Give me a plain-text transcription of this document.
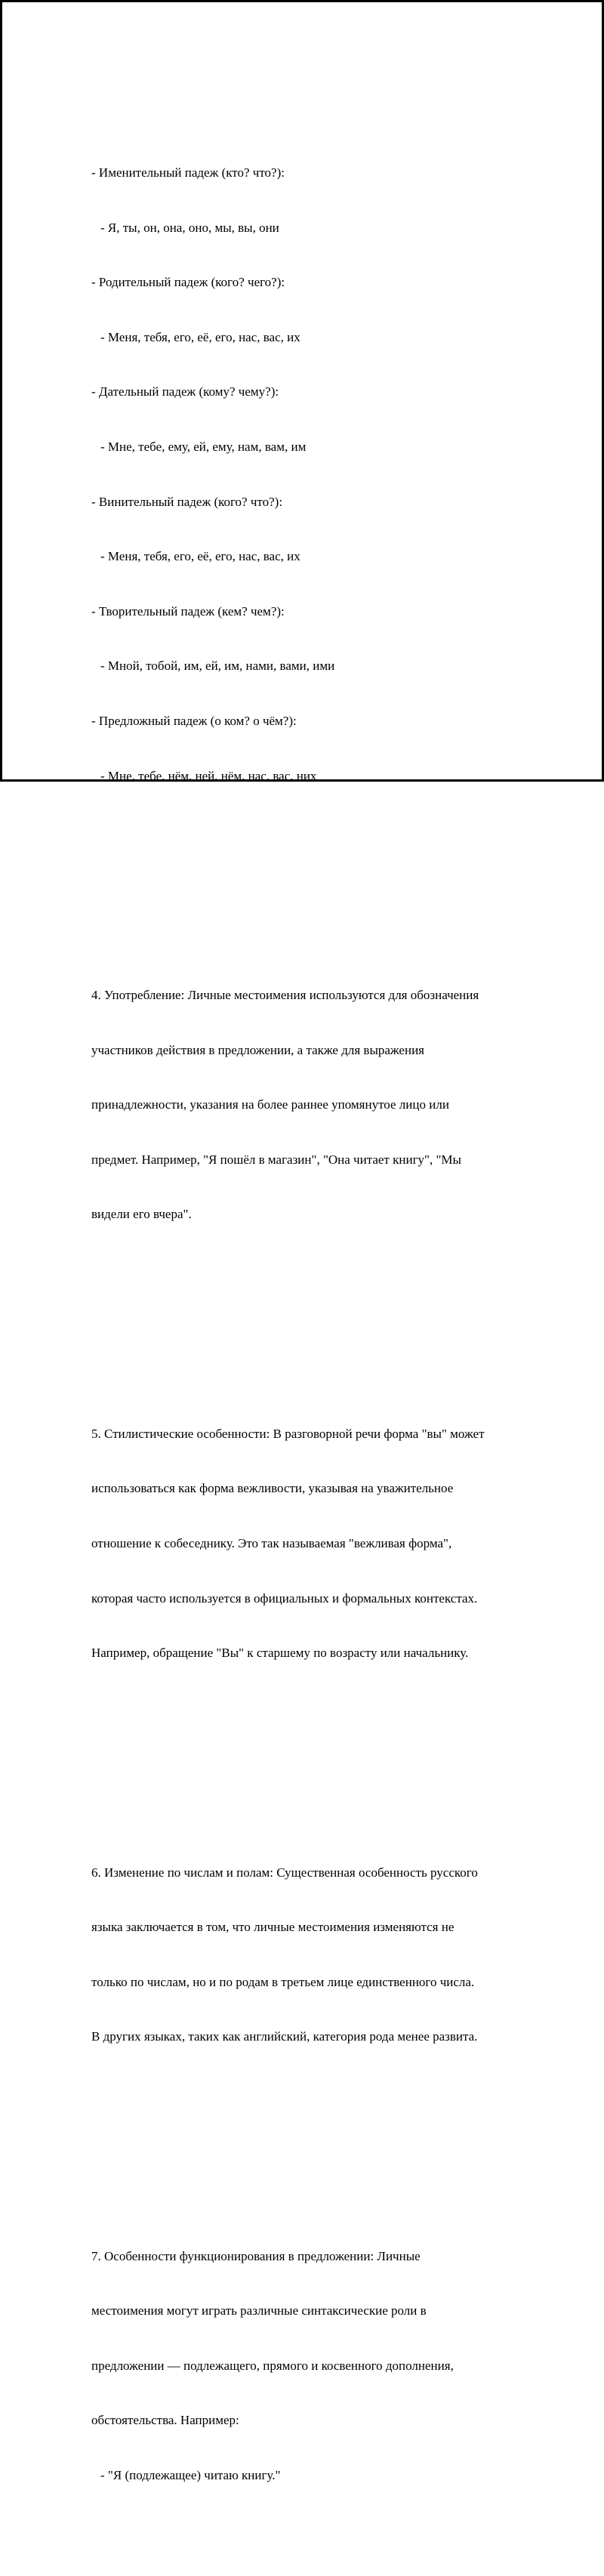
- Именительный падеж (кто? что?):

- Я, ты, он, она, оно, мы, вы, они

- Родительный падеж (кого? чего?):

- Меня, тебя, его, её, его, нас, вас, их

- Дательный падеж (кому? чему?):

- Мне, тебе, ему, ей, ему, нам, вам, им

- Винительный падеж (кого? что?):

- Меня, тебя, его, её, его, нас, вас, их

- Творительный падеж (кем? чем?):

- Мной, тобой, им, ей, им, нами, вами, ими

- Предложный падеж (о ком? о чём?):

- Мне, тебе, нём, ней, нём, нас, вас, них

4. Употребление: Личные местоимения используются для обозначения

участников действия в предложении, а также для выражения

принадлежности, указания на более раннее упомянутое лицо или

предмет. Например, "Я пошёл в магазин", "Она читает книгу", "Мы

видели его вчера".

5. Стилистические особенности: В разговорной речи форма "вы" может

использоваться как форма вежливости, указывая на уважительное

отношение к собеседнику. Это так называемая "вежливая форма",

которая часто используется в официальных и формальных контекстах.

Например, обращение "Вы" к старшему по возрасту или начальнику.

6. Изменение по числам и полам: Существенная особенность русского

языка заключается в том, что личные местоимения изменяются не

только по числам, но и по родам в третьем лице единственного числа.

В других языках, таких как английский, категория рода менее развита.

7. Особенности функционирования в предложении: Личные

местоимения могут играть различные синтаксические роли в

предложении — подлежащего, прямого и косвенного дополнения,

обстоятельства. Например:

- "Я (подлежащее) читаю книгу."
